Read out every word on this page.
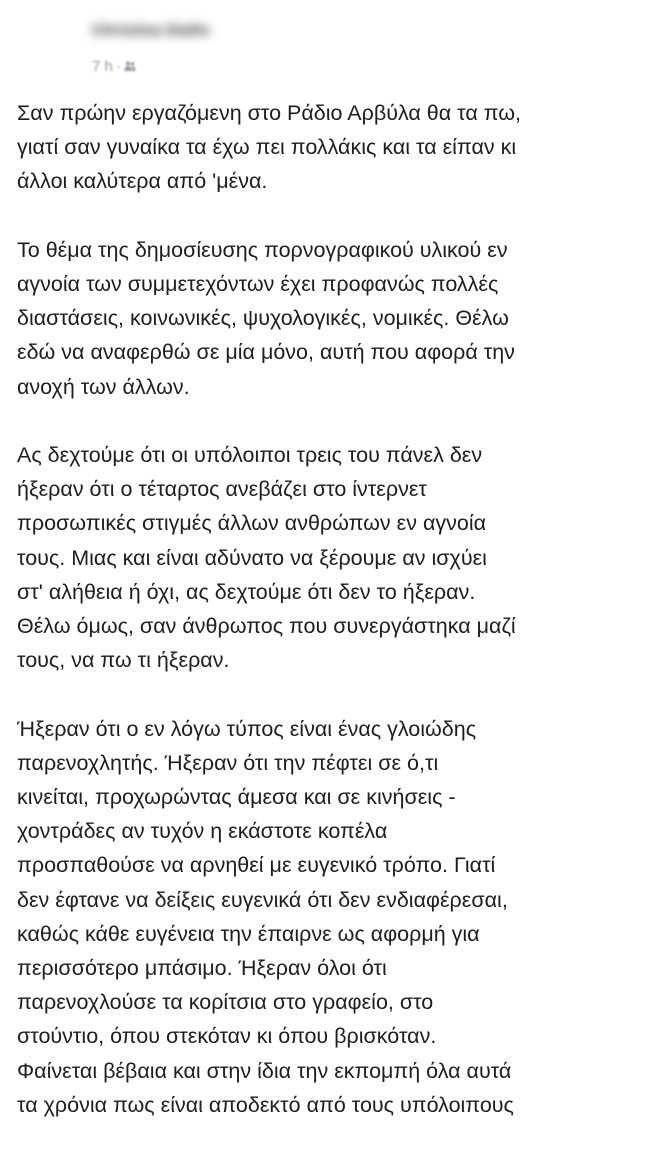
Christina Diallo
7 h ·

Σαν πρώην εργαζόμενη στο Ράδιο Αρβύλα θα τα πω,
γιατί σαν γυναίκα τα έχω πει πολλάκις και τα είπαν κι
άλλοι καλύτερα από 'μένα.

Το θέμα της δημοσίευσης πορνογραφικού υλικού εν
αγνοία των συμμετεχόντων έχει προφανώς πολλές
διαστάσεις, κοινωνικές, ψυχολογικές, νομικές. Θέλω
εδώ να αναφερθώ σε μία μόνο, αυτή που αφορά την
ανοχή των άλλων.

Ας δεχτούμε ότι οι υπόλοιποι τρεις του πάνελ δεν
ήξεραν ότι ο τέταρτος ανεβάζει στο ίντερνετ
προσωπικές στιγμές άλλων ανθρώπων εν αγνοία
τους. Μιας και είναι αδύνατο να ξέρουμε αν ισχύει
στ' αλήθεια ή όχι, ας δεχτούμε ότι δεν το ήξεραν.
Θέλω όμως, σαν άνθρωπος που συνεργάστηκα μαζί
τους, να πω τι ήξεραν.

Ήξεραν ότι ο εν λόγω τύπος είναι ένας γλοιώδης
παρενοχλητής. Ήξεραν ότι την πέφτει σε ό,τι
κινείται, προχωρώντας άμεσα και σε κινήσεις -
χοντράδες αν τυχόν η εκάστοτε κοπέλα
προσπαθούσε να αρνηθεί με ευγενικό τρόπο. Γιατί
δεν έφτανε να δείξεις ευγενικά ότι δεν ενδιαφέρεσαι,
καθώς κάθε ευγένεια την έπαιρνε ως αφορμή για
περισσότερο μπάσιμο. Ήξεραν όλοι ότι
παρενοχλούσε τα κορίτσια στο γραφείο, στο
στούντιο, όπου στεκόταν κι όπου βρισκόταν.
Φαίνεται βέβαια και στην ίδια την εκπομπή όλα αυτά
τα χρόνια πως είναι αποδεκτό από τους υπόλοιπους
